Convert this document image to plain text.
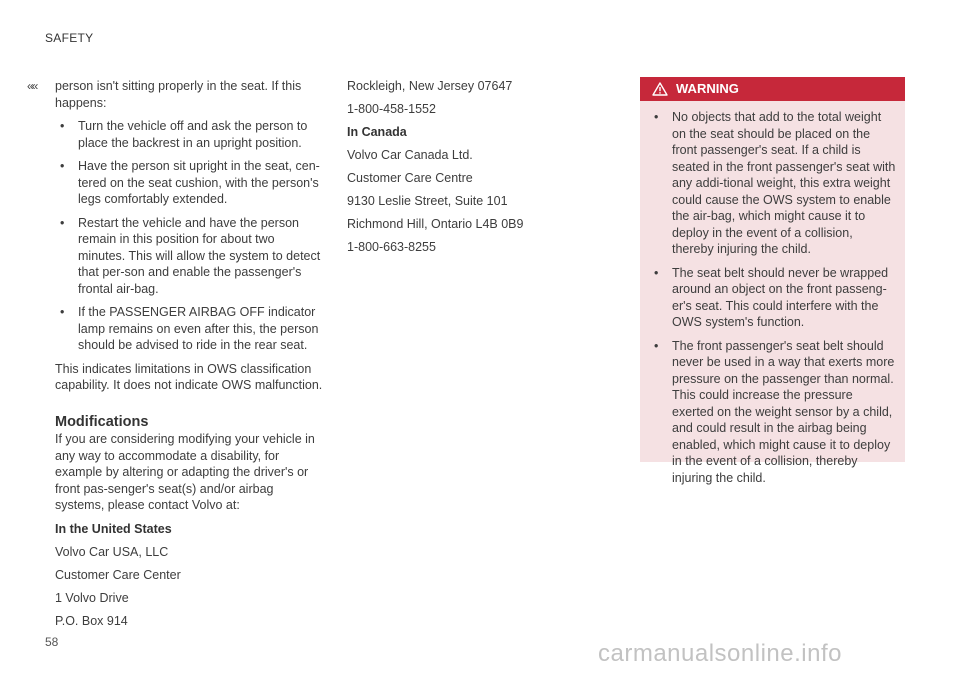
SAFETY
«« person isn't sitting properly in the seat. If this happens:

• Turn the vehicle off and ask the person to place the backrest in an upright position.
• Have the person sit upright in the seat, cen-tered on the seat cushion, with the person's legs comfortably extended.
• Restart the vehicle and have the person remain in this position for about two minutes. This will allow the system to detect that per-son and enable the passenger's frontal air-bag.
• If the PASSENGER AIRBAG OFF indicator lamp remains on even after this, the person should be advised to ride in the rear seat.

This indicates limitations in OWS classification capability. It does not indicate OWS malfunction.

Modifications

If you are considering modifying your vehicle in any way to accommodate a disability, for example by altering or adapting the driver's or front pas-senger's seat(s) and/or airbag systems, please contact Volvo at:

In the United States

Volvo Car USA, LLC

Customer Care Center

1 Volvo Drive

P.O. Box 914

Rockleigh, New Jersey 07647

1-800-458-1552

In Canada

Volvo Car Canada Ltd.

Customer Care Centre

9130 Leslie Street, Suite 101

Richmond Hill, Ontario L4B 0B9

1-800-663-8255

WARNING
• No objects that add to the total weight on the seat should be placed on the front passenger's seat. If a child is seated in the front passenger's seat with any addi-tional weight, this extra weight could cause the OWS system to enable the air-bag, which might cause it to deploy in the event of a collision, thereby injuring the child.
• The seat belt should never be wrapped around an object on the front passeng-er's seat. This could interfere with the OWS system's function.
• The front passenger's seat belt should never be used in a way that exerts more pressure on the passenger than normal. This could increase the pressure exerted on the weight sensor by a child, and could result in the airbag being enabled, which might cause it to deploy in the event of a collision, thereby injuring the child.
58	carmanualsonline.info
